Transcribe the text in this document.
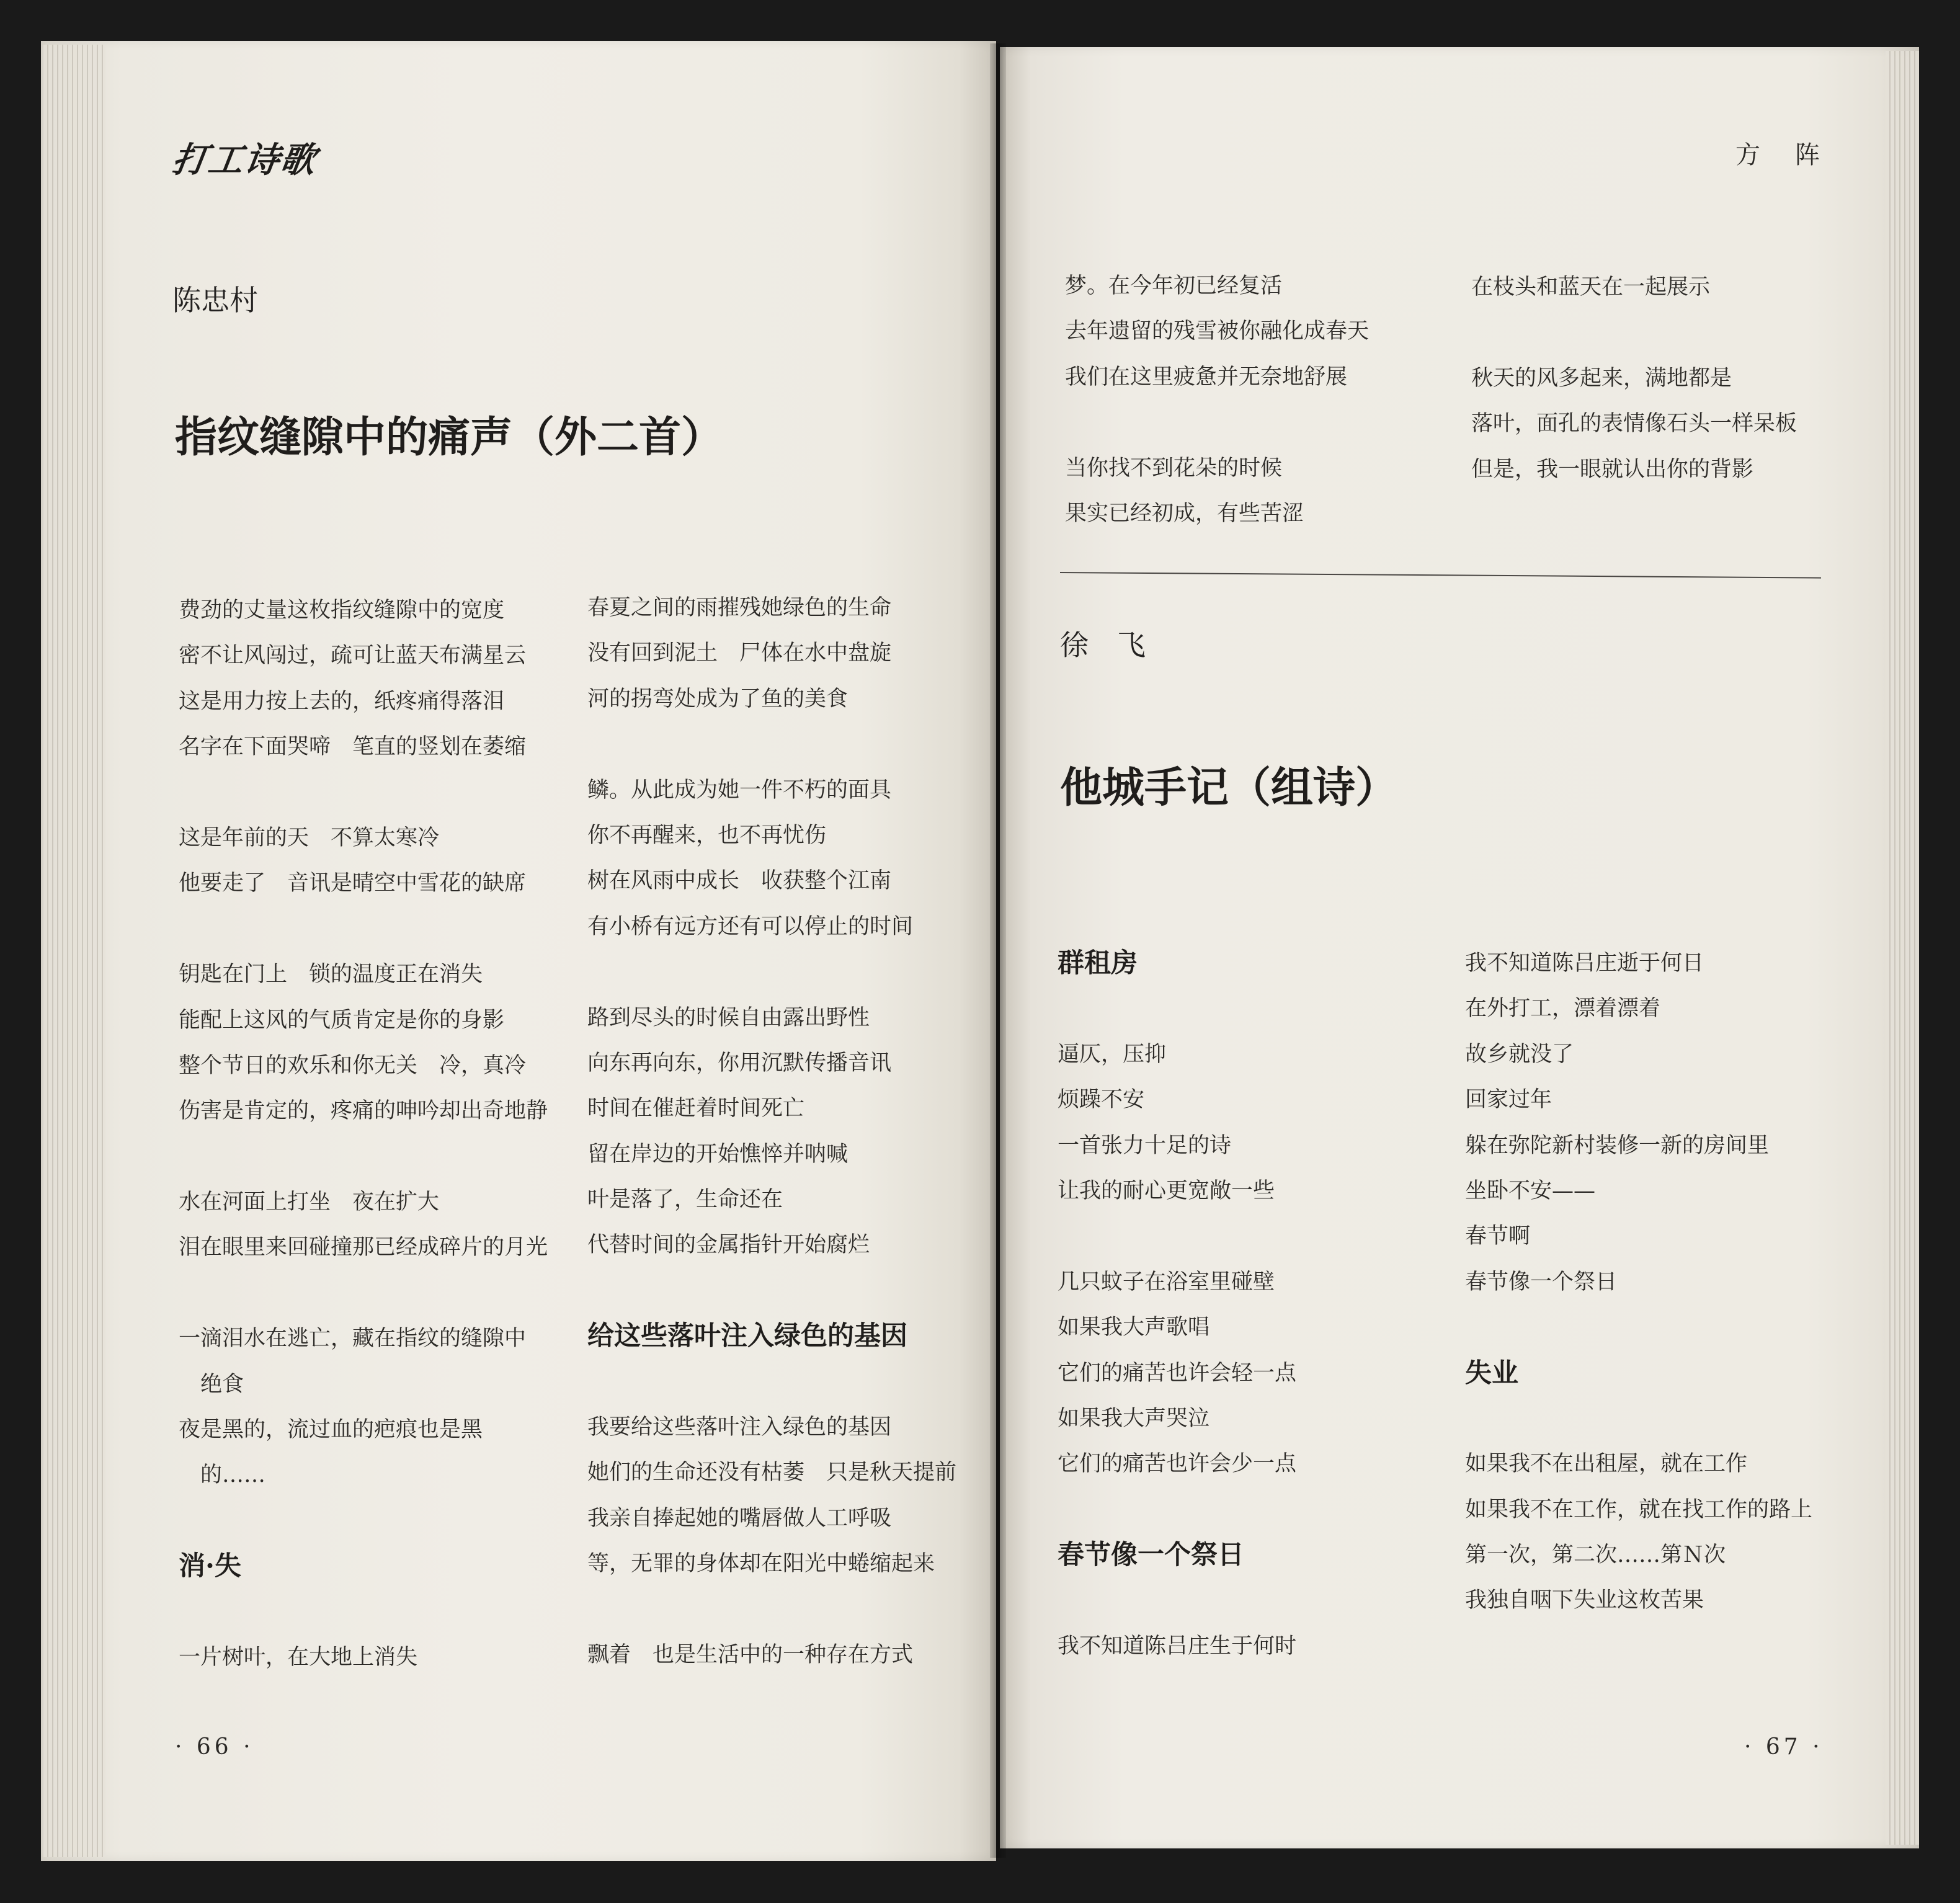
打工诗歌
陈忠村
指纹缝隙中的痛声（外二首）
费劲的丈量这枚指纹缝隙中的宽度
密不让风闯过，疏可让蓝天布满星云
这是用力按上去的，纸疼痛得落泪
名字在下面哭啼　笔直的竖划在萎缩
这是年前的天　不算太寒冷
他要走了　音讯是晴空中雪花的缺席
钥匙在门上　锁的温度正在消失
能配上这风的气质肯定是你的身影
整个节日的欢乐和你无关　冷，真冷
伤害是肯定的，疼痛的呻吟却出奇地静
水在河面上打坐　夜在扩大
泪在眼里来回碰撞那已经成碎片的月光
一滴泪水在逃亡，藏在指纹的缝隙中
　绝食
夜是黑的，流过血的疤痕也是黑
　的……
消·失
一片树叶，在大地上消失
春夏之间的雨摧残她绿色的生命
没有回到泥土　尸体在水中盘旋
河的拐弯处成为了鱼的美食
鳞。从此成为她一件不朽的面具
你不再醒来，也不再忧伤
树在风雨中成长　收获整个江南
有小桥有远方还有可以停止的时间
路到尽头的时候自由露出野性
向东再向东，你用沉默传播音讯
时间在催赶着时间死亡
留在岸边的开始憔悴并呐喊
叶是落了，生命还在
代替时间的金属指针开始腐烂
给这些落叶注入绿色的基因
我要给这些落叶注入绿色的基因
她们的生命还没有枯萎　只是秋天提前
我亲自捧起她的嘴唇做人工呼吸
等，无罪的身体却在阳光中蜷缩起来
飘着　也是生活中的一种存在方式
· 66 ·
方　阵
梦。在今年初已经复活
去年遗留的残雪被你融化成春天
我们在这里疲惫并无奈地舒展
当你找不到花朵的时候
果实已经初成，有些苦涩
在枝头和蓝天在一起展示
秋天的风多起来，满地都是
落叶，面孔的表情像石头一样呆板
但是，我一眼就认出你的背影
徐　飞
他城手记（组诗）
群租房
逼仄，压抑
烦躁不安
一首张力十足的诗
让我的耐心更宽敞一些
几只蚊子在浴室里碰壁
如果我大声歌唱
它们的痛苦也许会轻一点
如果我大声哭泣
它们的痛苦也许会少一点
春节像一个祭日
我不知道陈吕庄生于何时
我不知道陈吕庄逝于何日
在外打工，漂着漂着
故乡就没了
回家过年
躲在弥陀新村装修一新的房间里
坐卧不安——
春节啊
春节像一个祭日
失业
如果我不在出租屋，就在工作
如果我不在工作，就在找工作的路上
第一次，第二次……第Ｎ次
我独自咽下失业这枚苦果
· 67 ·
